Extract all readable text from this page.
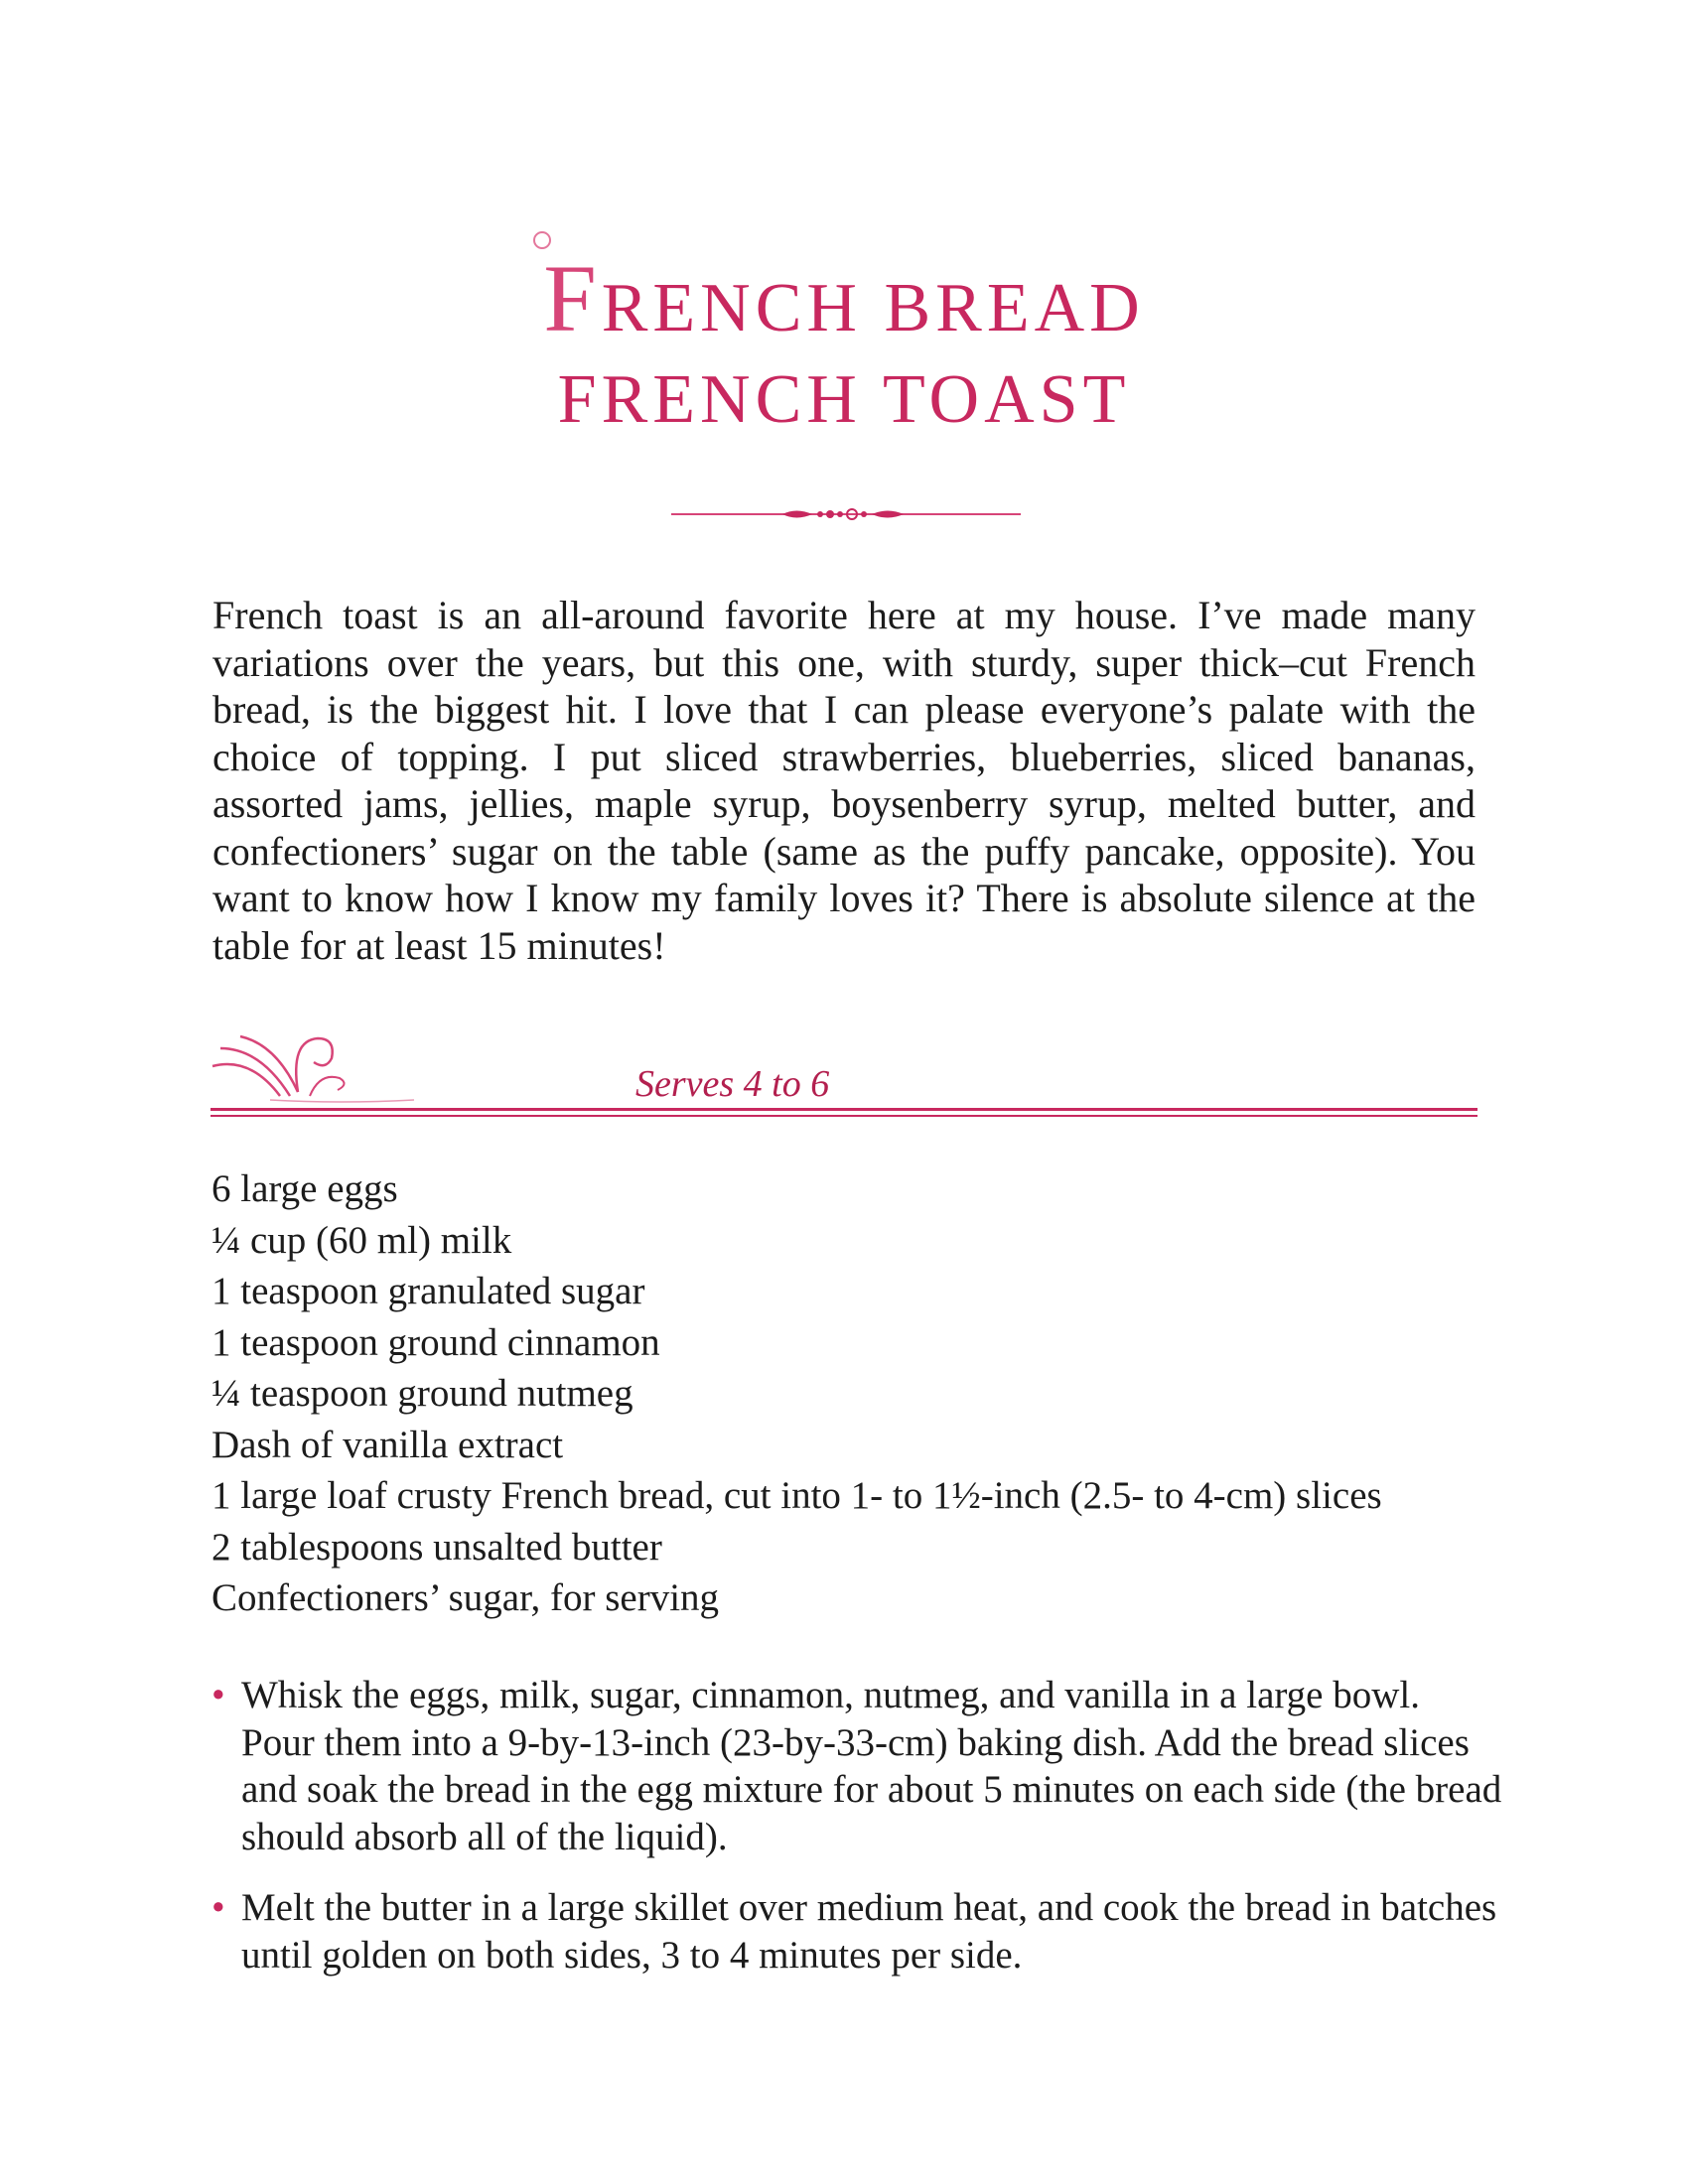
FRENCH BREAD
FRENCH TOAST

French toast is an all-around favorite here at my house. I’ve made many variations over the years, but this one, with sturdy, super thick–cut French bread, is the biggest hit. I love that I can please everyone’s palate with the choice of topping. I put sliced strawberries, blueberries, sliced bananas, assorted jams, jellies, maple syrup, boysenberry syrup, melted butter, and confectioners’ sugar on the table (same as the puffy pancake, opposite). You want to know how I know my family loves it? There is absolute silence at the table for at least 15 minutes!

Serves 4 to 6
6 large eggs
¼ cup (60 ml) milk
1 teaspoon granulated sugar
1 teaspoon ground cinnamon
¼ teaspoon ground nutmeg
Dash of vanilla extract
1 large loaf crusty French bread, cut into 1- to 1½-inch (2.5- to 4-cm) slices
2 tablespoons unsalted butter
Confectioners’ sugar, for serving
• Whisk the eggs, milk, sugar, cinnamon, nutmeg, and vanilla in a large bowl. Pour them into a 9-by-13-inch (23-by-33-cm) baking dish. Add the bread slices and soak the bread in the egg mixture for about 5 minutes on each side (the bread should absorb all of the liquid).
• Melt the butter in a large skillet over medium heat, and cook the bread in batches until golden on both sides, 3 to 4 minutes per side.
